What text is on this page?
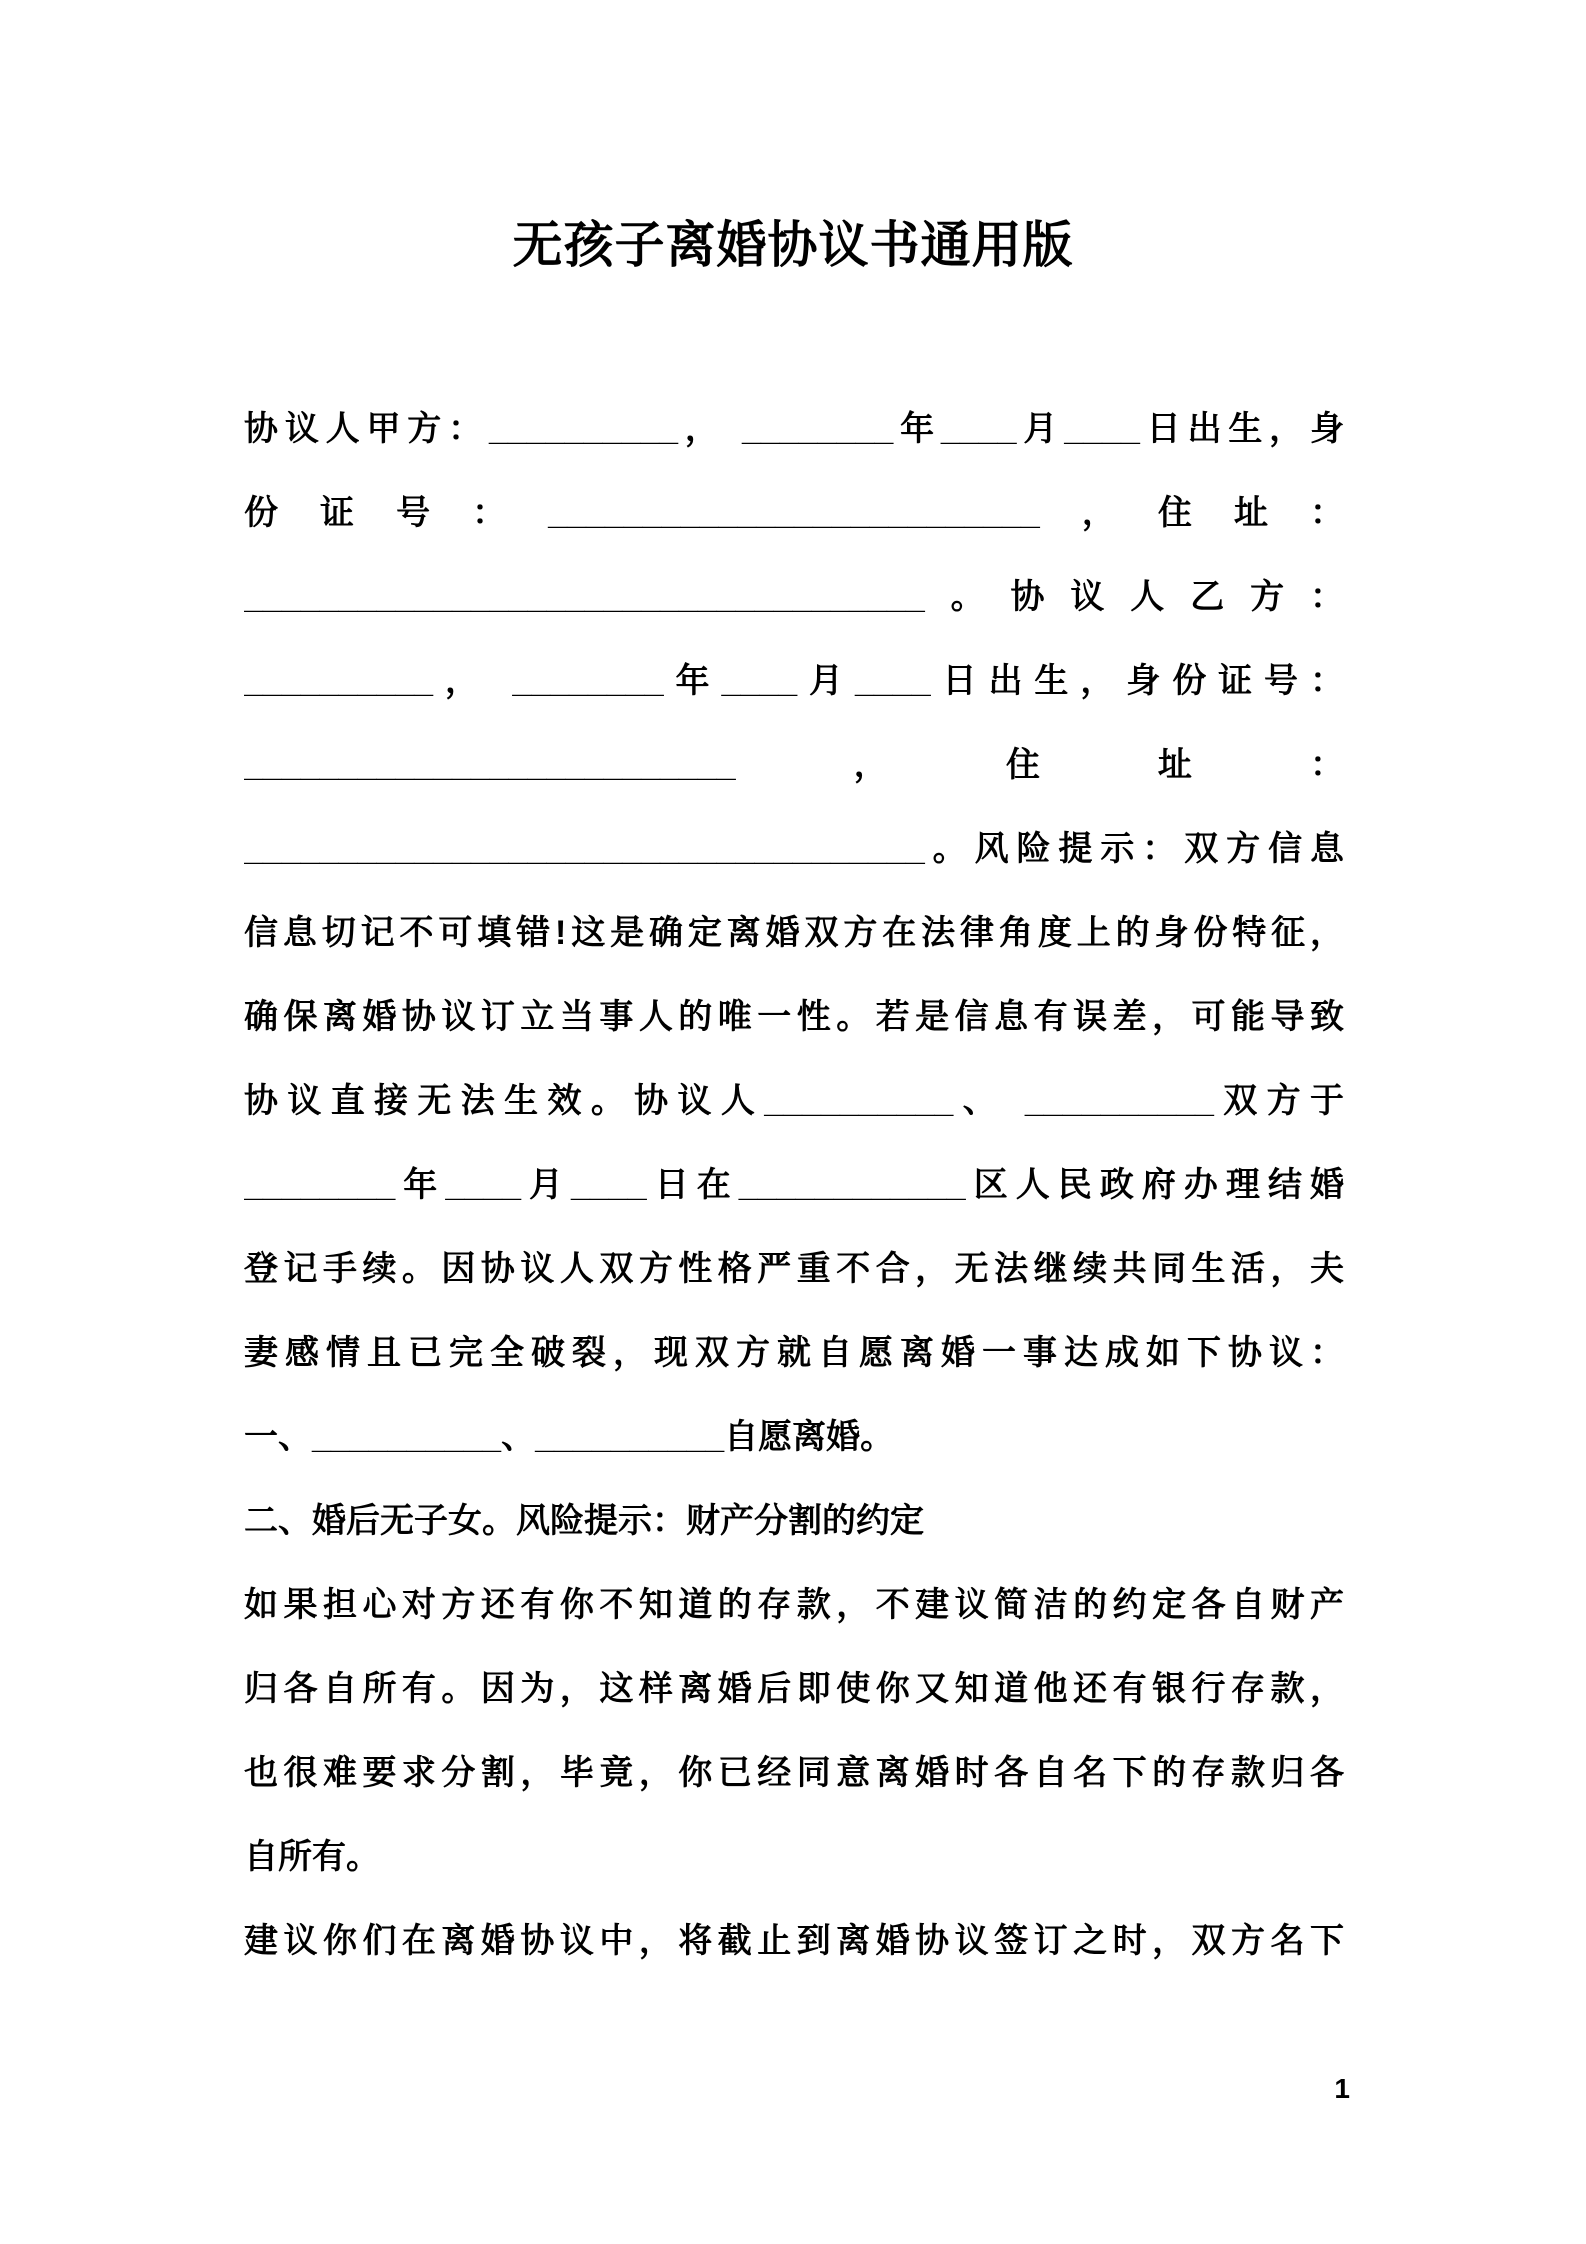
无孩子离婚协议书通用版
协议人甲方：__________， ________年____月____日出生，身
份证号：__________________________，住址：
____________________________________。协议人乙方：
__________， ________年____月____日出生，身份证号：
__________________________，住址：
____________________________________。风险提示：双方信息
信息切记不可填错!这是确定离婚双方在法律角度上的身份特征，
确保离婚协议订立当事人的唯一性。若是信息有误差，可能导致
协议直接无法生效。协议人__________、 __________双方于
________年____月____日在____________区人民政府办理结婚
登记手续。因协议人双方性格严重不合，无法继续共同生活，夫
妻感情且已完全破裂，现双方就自愿离婚一事达成如下协议：
一、__________、__________自愿离婚。
二、婚后无子女。风险提示：财产分割的约定
如果担心对方还有你不知道的存款，不建议简洁的约定各自财产
归各自所有。因为，这样离婚后即使你又知道他还有银行存款，
也很难要求分割，毕竟，你已经同意离婚时各自名下的存款归各
自所有。
建议你们在离婚协议中，将截止到离婚协议签订之时，双方名下
1
